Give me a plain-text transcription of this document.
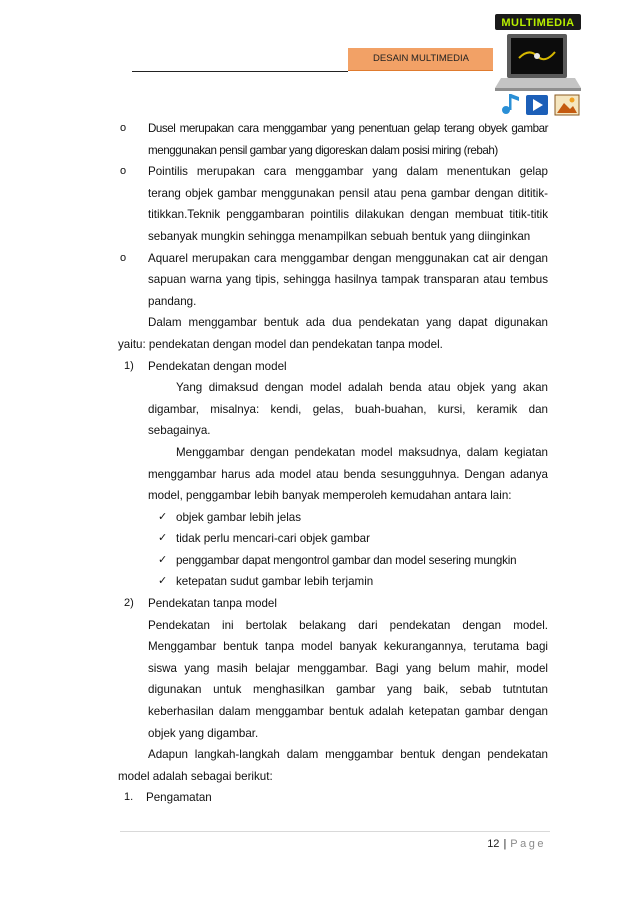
DESAIN MULTIMEDIA
MULTIMEDIA
o Dusel merupakan cara menggambar yang penentuan gelap terang obyek gambar
menggunakan pensil gambar yang digoreskan dalam posisi miring (rebah)
o Pointilis merupakan cara menggambar yang dalam menentukan gelap
terang objek gambar menggunakan pensil atau pena gambar dengan dititik-
titikkan.Teknik penggambaran pointilis dilakukan dengan membuat titik-titik
sebanyak mungkin sehingga menampilkan sebuah bentuk yang diinginkan
o Aquarel merupakan cara menggambar dengan menggunakan cat air dengan
sapuan warna yang tipis, sehingga hasilnya tampak transparan atau tembus
pandang.
Dalam menggambar bentuk ada dua pendekatan yang dapat digunakan
yaitu: pendekatan dengan model dan pendekatan tanpa model.
1) Pendekatan dengan model
Yang dimaksud dengan model adalah benda atau objek yang akan
digambar, misalnya: kendi, gelas, buah-buahan, kursi, keramik dan
sebagainya.
Menggambar dengan pendekatan model maksudnya, dalam kegiatan
menggambar harus ada model atau benda sesungguhnya. Dengan adanya
model, penggambar lebih banyak memperoleh kemudahan antara lain:
✓ objek gambar lebih jelas
✓ tidak perlu mencari-cari objek gambar
✓ penggambar dapat mengontrol gambar dan model sesering mungkin
✓ ketepatan sudut gambar lebih terjamin
2) Pendekatan tanpa model
Pendekatan ini bertolak belakang dari pendekatan dengan model.
Menggambar bentuk tanpa model banyak kekurangannya, terutama bagi
siswa yang masih belajar menggambar. Bagi yang belum mahir, model
digunakan untuk menghasilkan gambar yang baik, sebab tutntutan
keberhasilan dalam menggambar bentuk adalah ketepatan gambar dengan
objek yang digambar.
Adapun langkah-langkah dalam menggambar bentuk dengan pendekatan
model adalah sebagai berikut:
1. Pengamatan
12 | Page
